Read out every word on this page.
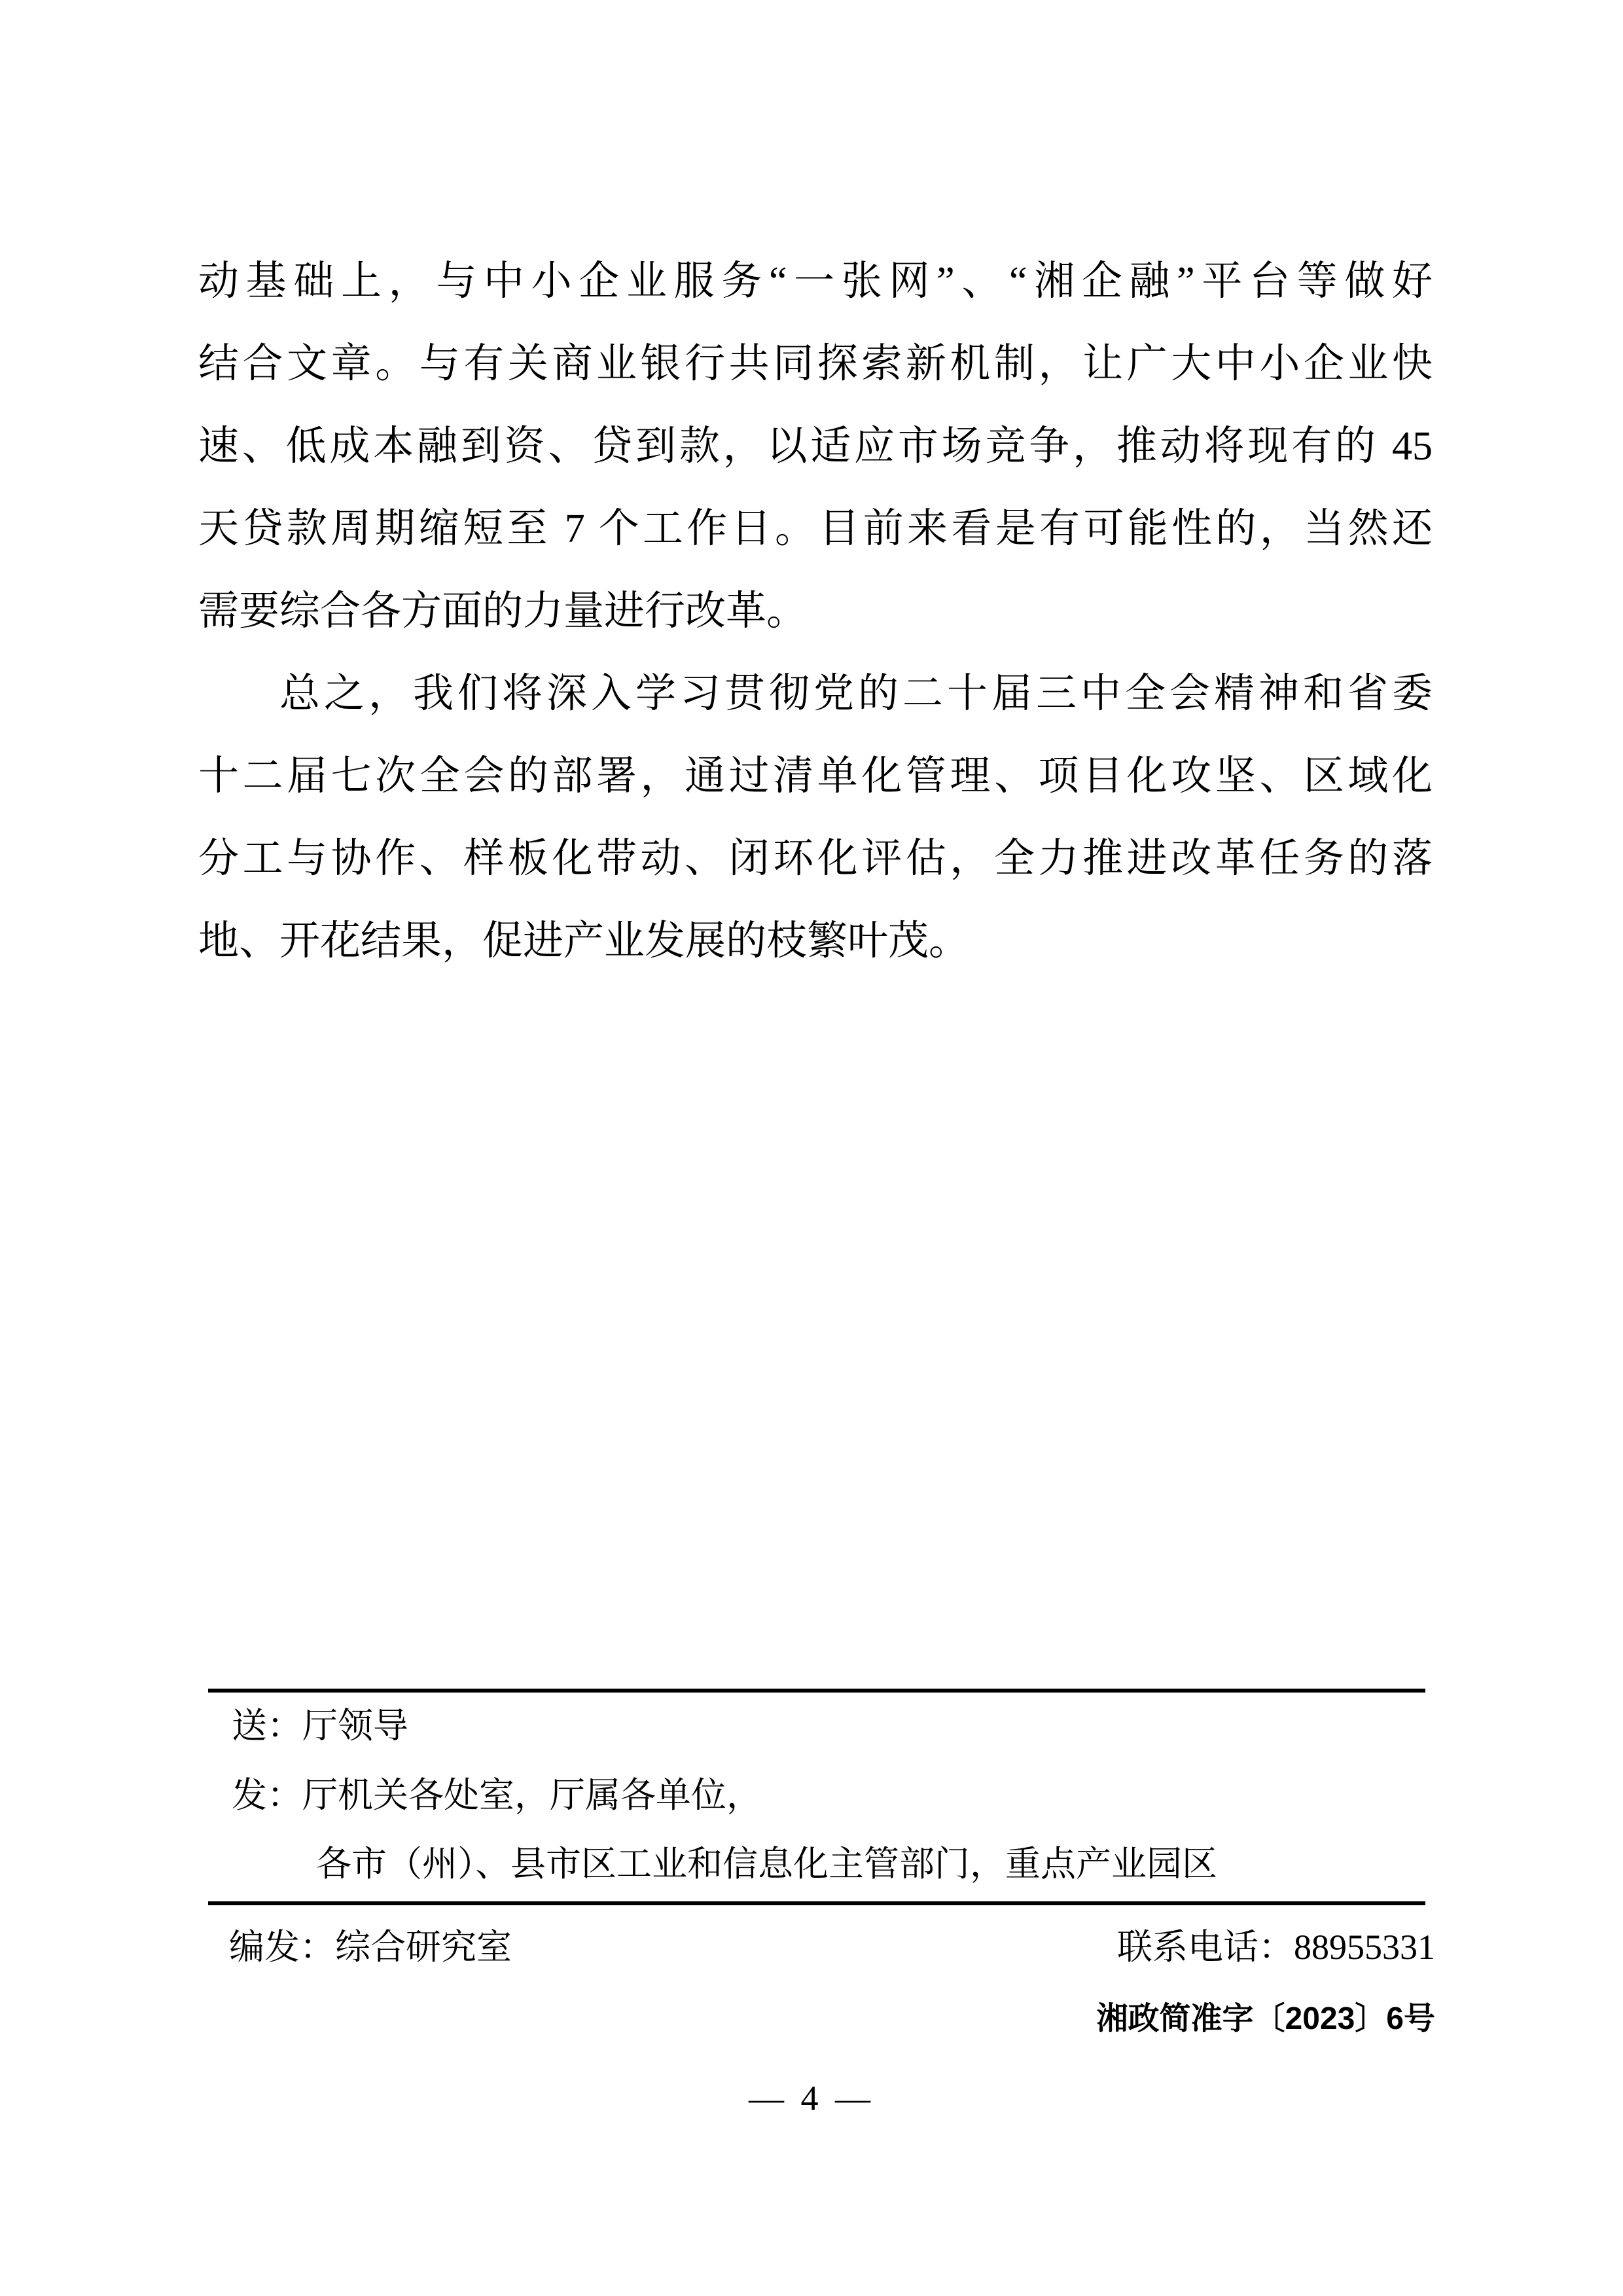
动基础上，与中小企业服务“一张网”、“湘企融”平台等做好
结合文章。与有关商业银行共同探索新机制，让广大中小企业快
速、低成本融到资、贷到款，以适应市场竞争，推动将现有的 45
天贷款周期缩短至 7 个工作日。目前来看是有可能性的，当然还
需要综合各方面的力量进行改革。
总之，我们将深入学习贯彻党的二十届三中全会精神和省委
十二届七次全会的部署，通过清单化管理、项目化攻坚、区域化
分工与协作、样板化带动、闭环化评估，全力推进改革任务的落
地、开花结果，促进产业发展的枝繁叶茂。
送：厅领导
发：厅机关各处室，厅属各单位，
各市（州）、县市区工业和信息化主管部门，重点产业园区
编发：综合研究室	联系电话：88955331
湘政简准字〔2023〕6号
— 4 —
